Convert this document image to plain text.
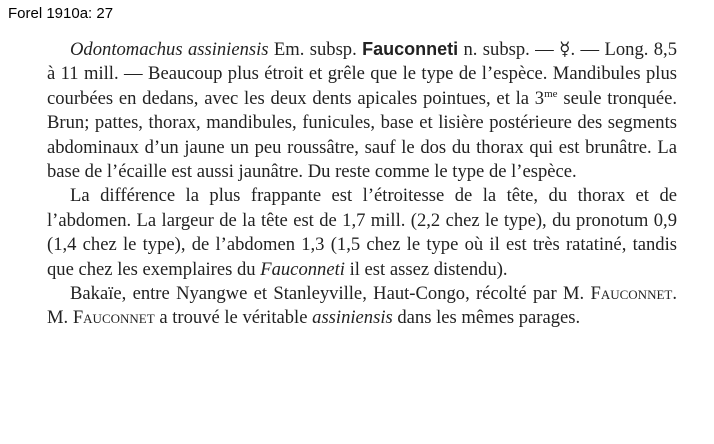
Forel 1910a: 27

Odontomachus assiniensis Em. subsp. Fauconneti n. subsp. — ☿. — Long. 8,5 à 11 mill. — Beaucoup plus étroit et grêle que le type de l’espèce. Mandibules plus courbées en dedans, avec les deux dents apicales pointues, et la $3^{me}$ seule tronquée. Brun; pattes, thorax, mandibules, funicules, base et lisière postérieure des segments abdominaux d’un jaune un peu roussâtre, sauf le dos du thorax qui est brunâtre. La base de l’écaille est aussi jaunâtre. Du reste comme le type de l’espèce.

La différence la plus frappante est l’étroitesse de la tête, du thorax et de l’abdomen. La largeur de la tête est de 1,7 mill. (2,2 chez le type), du pronotum 0,9 (1,4 chez le type), de l’abdomen 1,3 (1,5 chez le type où il est très ratatiné, tandis que chez les exemplaires du Fauconneti il est assez distendu).

Bakaïe, entre Nyangwe et Stanleyville, Haut-Congo, récolté par M. Fauconnet. M. Fauconnet a trouvé le véritable assiniensis dans les mêmes parages.
